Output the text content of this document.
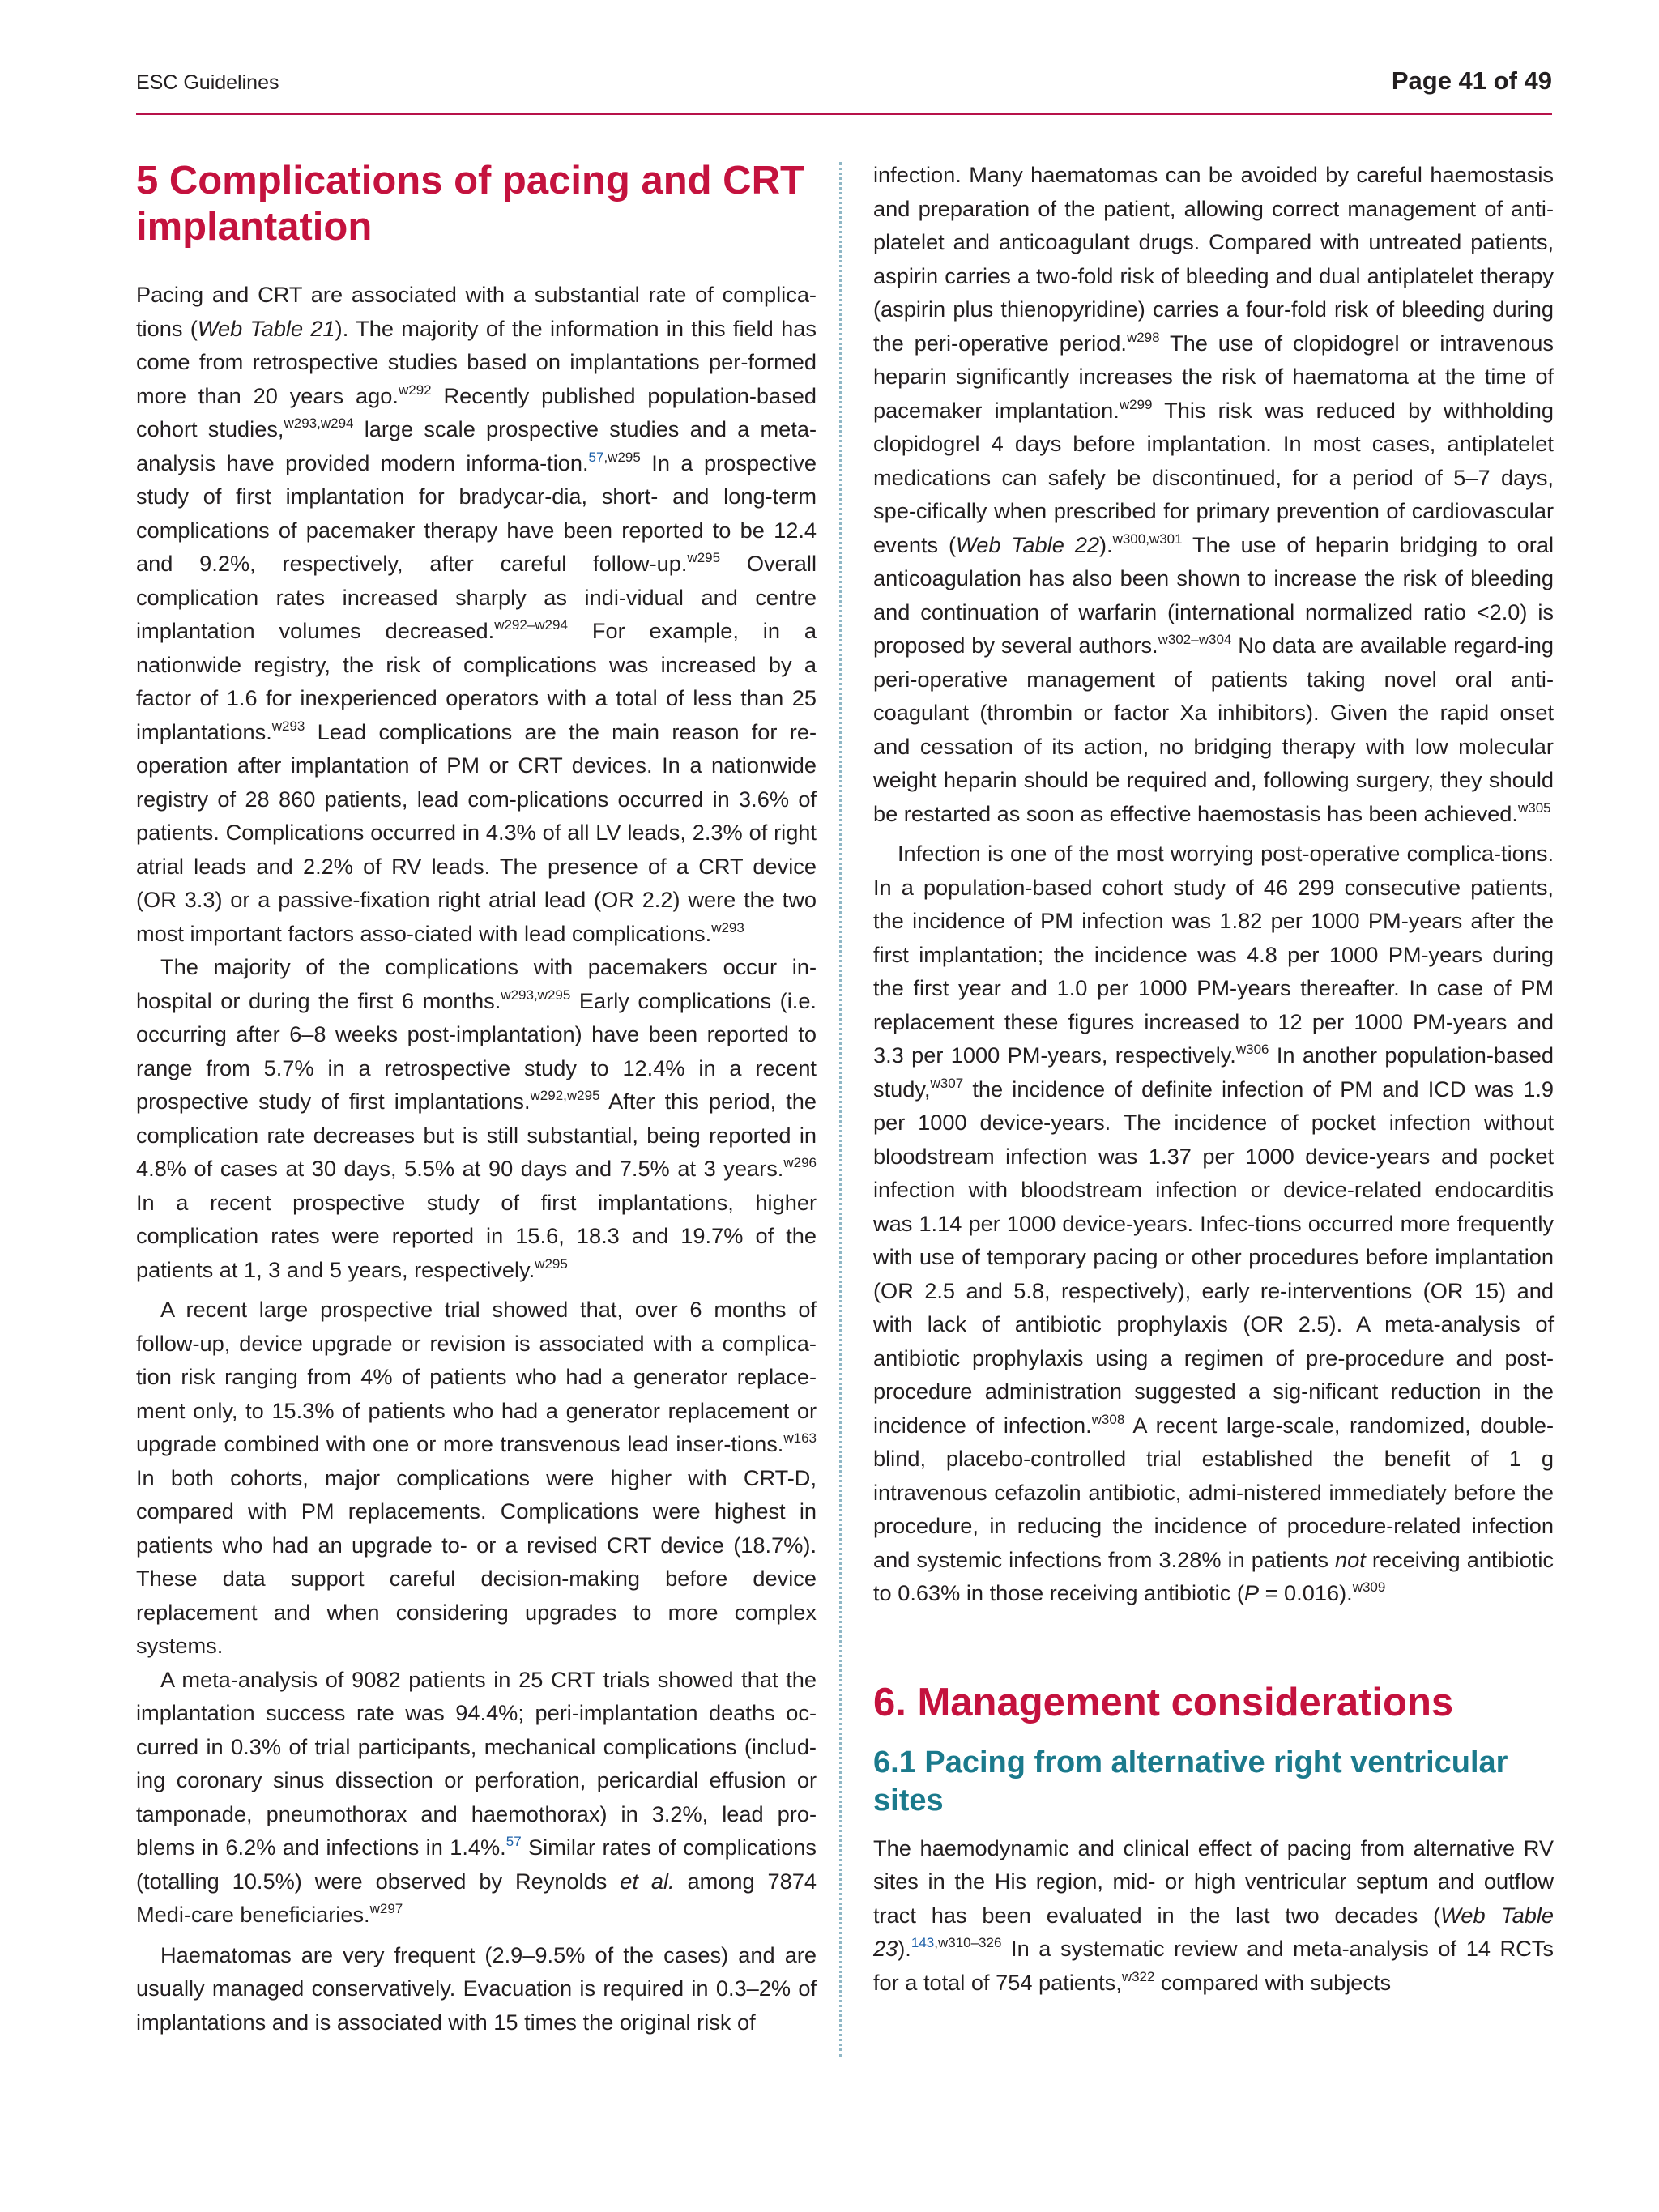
ESC Guidelines	Page 41 of 49
5 Complications of pacing and CRT implantation

Pacing and CRT are associated with a substantial rate of complica-tions (Web Table 21). The majority of the information in this field has come from retrospective studies based on implantations per-formed more than 20 years ago.$^{w292}$ Recently published population-based cohort studies,$^{w293,w294}$ large scale prospective studies and a meta-analysis have provided modern informa-tion.$^{57,w295}$ In a prospective study of first implantation for bradycar-dia, short- and long-term complications of pacemaker therapy have been reported to be 12.4 and 9.2%, respectively, after careful follow-up.$^{w295}$ Overall complication rates increased sharply as indi-vidual and centre implantation volumes decreased.$^{w292-w294}$ For example, in a nationwide registry, the risk of complications was increased by a factor of 1.6 for inexperienced operators with a total of less than 25 implantations.$^{w293}$ Lead complications are the main reason for re-operation after implantation of PM or CRT devices. In a nationwide registry of 28 860 patients, lead com-plications occurred in 3.6% of patients. Complications occurred in 4.3% of all LV leads, 2.3% of right atrial leads and 2.2% of RV leads. The presence of a CRT device (OR 3.3) or a passive-fixation right atrial lead (OR 2.2) were the two most important factors asso-ciated with lead complications.$^{w293}$

The majority of the complications with pacemakers occur in-hospital or during the first 6 months.$^{w293,w295}$ Early complications (i.e. occurring after 6–8 weeks post-implantation) have been reported to range from 5.7% in a retrospective study to 12.4% in a recent prospective study of first implantations.$^{w292,w295}$ After this period, the complication rate decreases but is still substantial, being reported in 4.8% of cases at 30 days, 5.5% at 90 days and 7.5% at 3 years.$^{w296}$ In a recent prospective study of first implantations, higher complication rates were reported in 15.6, 18.3 and 19.7% of the patients at 1, 3 and 5 years, respectively.$^{w295}$

A recent large prospective trial showed that, over 6 months of follow-up, device upgrade or revision is associated with a complica-tion risk ranging from 4% of patients who had a generator replace-ment only, to 15.3% of patients who had a generator replacement or upgrade combined with one or more transvenous lead inser-tions.$^{w163}$ In both cohorts, major complications were higher with CRT-D, compared with PM replacements. Complications were highest in patients who had an upgrade to- or a revised CRT device (18.7%). These data support careful decision-making before device replacement and when considering upgrades to more complex systems.

A meta-analysis of 9082 patients in 25 CRT trials showed that the implantation success rate was 94.4%; peri-implantation deaths oc-curred in 0.3% of trial participants, mechanical complications (includ-ing coronary sinus dissection or perforation, pericardial effusion or tamponade, pneumothorax and haemothorax) in 3.2%, lead pro-blems in 6.2% and infections in 1.4%.$^{57}$ Similar rates of complications (totalling 10.5%) were observed by Reynolds et al. among 7874 Medi-care beneficiaries.$^{w297}$

Haematomas are very frequent (2.9–9.5% of the cases) and are usually managed conservatively. Evacuation is required in 0.3–2% of implantations and is associated with 15 times the original risk of

infection. Many haematomas can be avoided by careful haemostasis and preparation of the patient, allowing correct management of anti-platelet and anticoagulant drugs. Compared with untreated patients, aspirin carries a two-fold risk of bleeding and dual antiplatelet therapy (aspirin plus thienopyridine) carries a four-fold risk of bleeding during the peri-operative period.$^{w298}$ The use of clopidogrel or intravenous heparin significantly increases the risk of haematoma at the time of pacemaker implantation.$^{w299}$ This risk was reduced by withholding clopidogrel 4 days before implantation. In most cases, antiplatelet medications can safely be discontinued, for a period of 5–7 days, spe-cifically when prescribed for primary prevention of cardiovascular events (Web Table 22).$^{w300,w301}$ The use of heparin bridging to oral anticoagulation has also been shown to increase the risk of bleeding and continuation of warfarin (international normalized ratio <2.0) is proposed by several authors.$^{w302-w304}$ No data are available regard-ing peri-operative management of patients taking novel oral anti-coagulant (thrombin or factor Xa inhibitors). Given the rapid onset and cessation of its action, no bridging therapy with low molecular weight heparin should be required and, following surgery, they should be restarted as soon as effective haemostasis has been achieved.$^{w305}$

Infection is one of the most worrying post-operative complica-tions. In a population-based cohort study of 46 299 consecutive patients, the incidence of PM infection was 1.82 per 1000 PM-years after the first implantation; the incidence was 4.8 per 1000 PM-years during the first year and 1.0 per 1000 PM-years thereafter. In case of PM replacement these figures increased to 12 per 1000 PM-years and 3.3 per 1000 PM-years, respectively.$^{w306}$ In another population-based study,$^{w307}$ the incidence of definite infection of PM and ICD was 1.9 per 1000 device-years. The incidence of pocket infection without bloodstream infection was 1.37 per 1000 device-years and pocket infection with bloodstream infection or device-related endocarditis was 1.14 per 1000 device-years. Infec-tions occurred more frequently with use of temporary pacing or other procedures before implantation (OR 2.5 and 5.8, respectively), early re-interventions (OR 15) and with lack of antibiotic prophylaxis (OR 2.5). A meta-analysis of antibiotic prophylaxis using a regimen of pre-procedure and post-procedure administration suggested a sig-nificant reduction in the incidence of infection.$^{w308}$ A recent large-scale, randomized, double-blind, placebo-controlled trial established the benefit of 1 g intravenous cefazolin antibiotic, admi-nistered immediately before the procedure, in reducing the incidence of procedure-related infection and systemic infections from 3.28% in patients not receiving antibiotic to 0.63% in those receiving antibiotic (P = 0.016).$^{w309}$

6. Management considerations
6.1 Pacing from alternative right ventricular sites

The haemodynamic and clinical effect of pacing from alternative RV sites in the His region, mid- or high ventricular septum and outflow tract has been evaluated in the last two decades (Web Table 23).$^{143,w310-326}$ In a systematic review and meta-analysis of 14 RCTs for a total of 754 patients,$^{w322}$ compared with subjects
